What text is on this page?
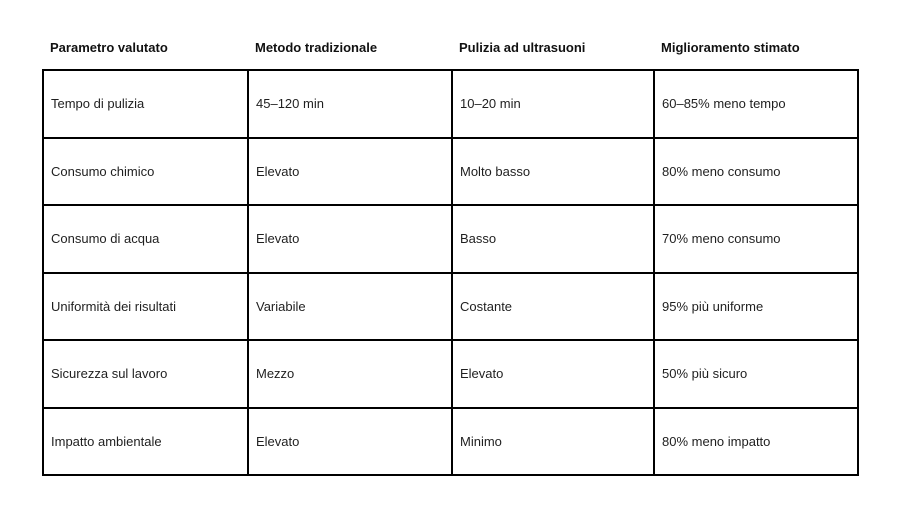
Parametro valutato	Metodo tradizionale	Pulizia ad ultrasuoni	Miglioramento stimato
Tempo di pulizia	45–120 min	10–20 min	60–85% meno tempo
Consumo chimico	Elevato	Molto basso	80% meno consumo
Consumo di acqua	Elevato	Basso	70% meno consumo
Uniformità dei risultati	Variabile	Costante	95% più uniforme
Sicurezza sul lavoro	Mezzo	Elevato	50% più sicuro
Impatto ambientale	Elevato	Minimo	80% meno impatto
